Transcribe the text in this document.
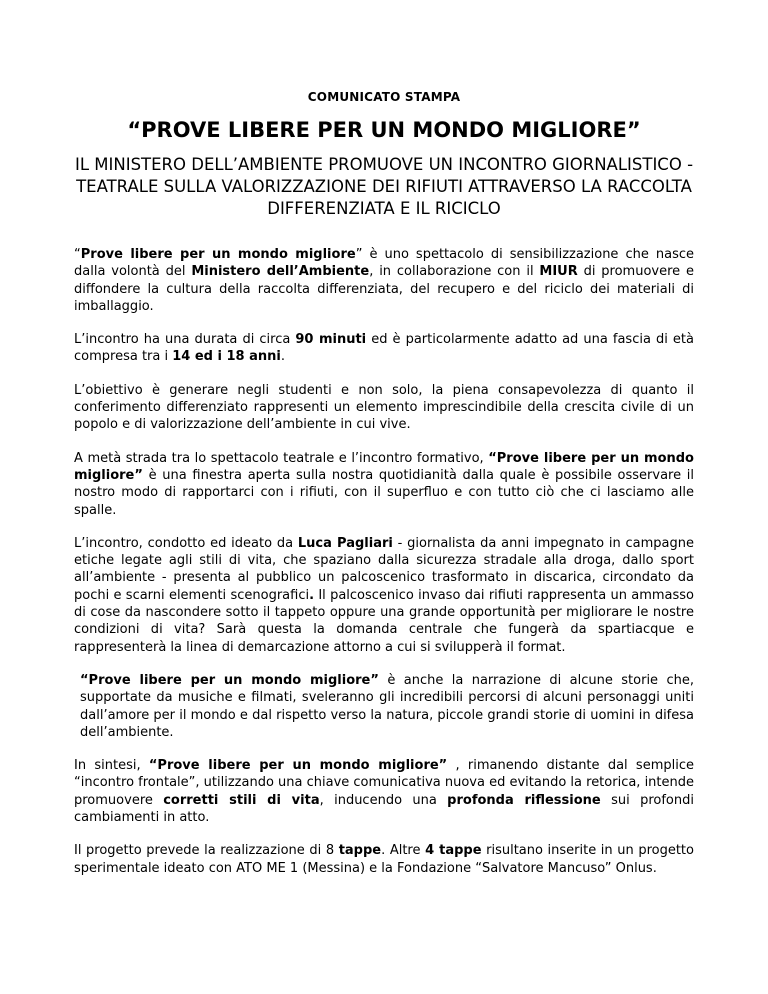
COMUNICATO STAMPA
“PROVE LIBERE PER UN MONDO MIGLIORE”
IL MINISTERO DELL’AMBIENTE PROMUOVE UN INCONTRO GIORNALISTICO - TEATRALE SULLA VALORIZZAZIONE DEI RIFIUTI ATTRAVERSO LA RACCOLTA DIFFERENZIATA E IL RICICLO

“Prove libere per un mondo migliore” è uno spettacolo di sensibilizzazione che nasce dalla volontà del Ministero dell’Ambiente, in collaborazione con il MIUR di promuovere e diffondere la cultura della raccolta differenziata, del recupero e del riciclo dei materiali di imballaggio.

L’incontro ha una durata di circa 90 minuti ed è particolarmente adatto ad una fascia di età compresa tra i 14 ed i 18 anni.

L’obiettivo è generare negli studenti e non solo, la piena consapevolezza di quanto il conferimento differenziato rappresenti un elemento imprescindibile della crescita civile di un popolo e di valorizzazione dell’ambiente in cui vive.

A metà strada tra lo spettacolo teatrale e l’incontro formativo, “Prove libere per un mondo migliore” è una finestra aperta sulla nostra quotidianità dalla quale è possibile osservare il nostro modo di rapportarci con i rifiuti, con il superfluo e con tutto ciò che ci lasciamo alle spalle.

L’incontro, condotto ed ideato da Luca Pagliari - giornalista da anni impegnato in campagne etiche legate agli stili di vita, che spaziano dalla sicurezza stradale alla droga, dallo sport all’ambiente - presenta al pubblico un palcoscenico trasformato in discarica, circondato da pochi e scarni elementi scenografici. Il palcoscenico invaso dai rifiuti rappresenta un ammasso di cose da nascondere sotto il tappeto oppure una grande opportunità per migliorare le nostre condizioni di vita? Sarà questa la domanda centrale che fungerà da spartiacque e rappresenterà la linea di demarcazione attorno a cui si svilupperà il format.

“Prove libere per un mondo migliore” è anche la narrazione di alcune storie che, supportate da musiche e filmati, sveleranno gli incredibili percorsi di alcuni personaggi uniti dall’amore per il mondo e dal rispetto verso la natura, piccole grandi storie di uomini in difesa dell’ambiente.

In sintesi, “Prove libere per un mondo migliore” , rimanendo distante dal semplice “incontro frontale”, utilizzando una chiave comunicativa nuova ed evitando la retorica, intende promuovere corretti stili di vita, inducendo una profonda riflessione sui profondi cambiamenti in atto.

Il progetto prevede la realizzazione di 8 tappe. Altre 4 tappe risultano inserite in un progetto sperimentale ideato con ATO ME 1 (Messina) e la Fondazione “Salvatore Mancuso” Onlus.
